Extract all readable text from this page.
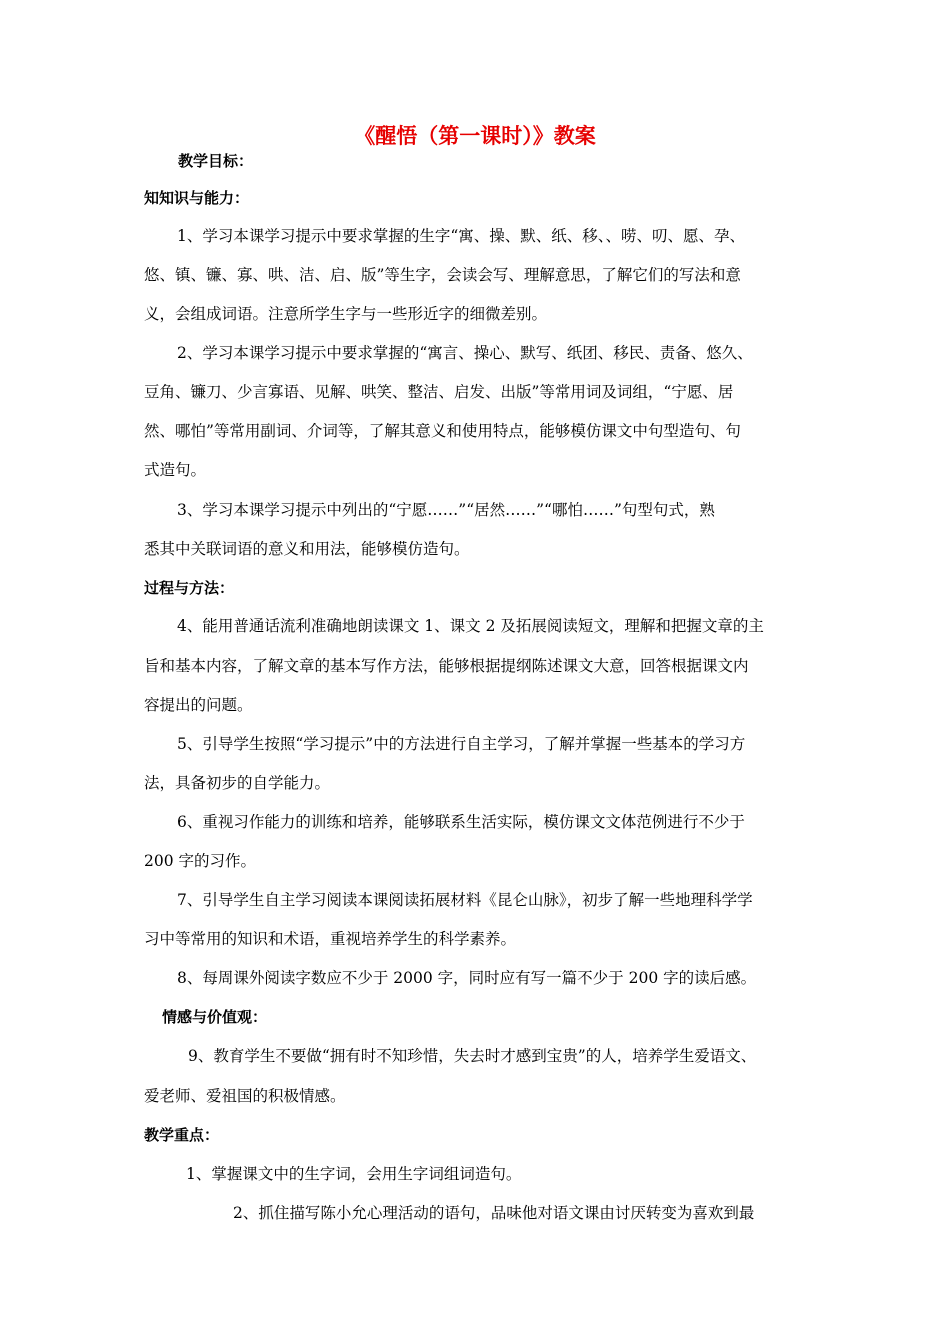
《醒悟（第一课时）》教案
教学目标：
知知识与能力：
1、学习本课学习提示中要求掌握的生字“寓、操、默、纸、移、、唠、叨、愿、孕、
悠、镇、镰、寡、哄、洁、启、版”等生字，会读会写、理解意思，了解它们的写法和意
义，会组成词语。注意所学生字与一些形近字的细微差别。
2、学习本课学习提示中要求掌握的“寓言、操心、默写、纸团、移民、责备、悠久、
豆角、镰刀、少言寡语、见解、哄笑、整洁、启发、出版”等常用词及词组，“宁愿、居
然、哪怕”等常用副词、介词等，了解其意义和使用特点，能够模仿课文中句型造句、句
式造句。
3、学习本课学习提示中列出的“宁愿……”“居然……”“哪怕……”句型句式，熟
悉其中关联词语的意义和用法，能够模仿造句。
过程与方法：
4、能用普通话流利准确地朗读课文 1、课文 2 及拓展阅读短文，理解和把握文章的主
旨和基本内容，了解文章的基本写作方法，能够根据提纲陈述课文大意，回答根据课文内
容提出的问题。
5、引导学生按照“学习提示”中的方法进行自主学习，了解并掌握一些基本的学习方
法，具备初步的自学能力。
6、重视习作能力的训练和培养，能够联系生活实际，模仿课文文体范例进行不少于
200 字的习作。
7、引导学生自主学习阅读本课阅读拓展材料《昆仑山脉》，初步了解一些地理科学学
习中等常用的知识和术语，重视培养学生的科学素养。
8、每周课外阅读字数应不少于 2000 字，同时应有写一篇不少于 200 字的读后感。
情感与价值观：
9、教育学生不要做“拥有时不知珍惜，失去时才感到宝贵”的人，培养学生爱语文、
爱老师、爱祖国的积极情感。
教学重点：
1、掌握课文中的生字词，会用生字词组词造句。
2、抓住描写陈小允心理活动的语句，品味他对语文课由讨厌转变为喜欢到最
